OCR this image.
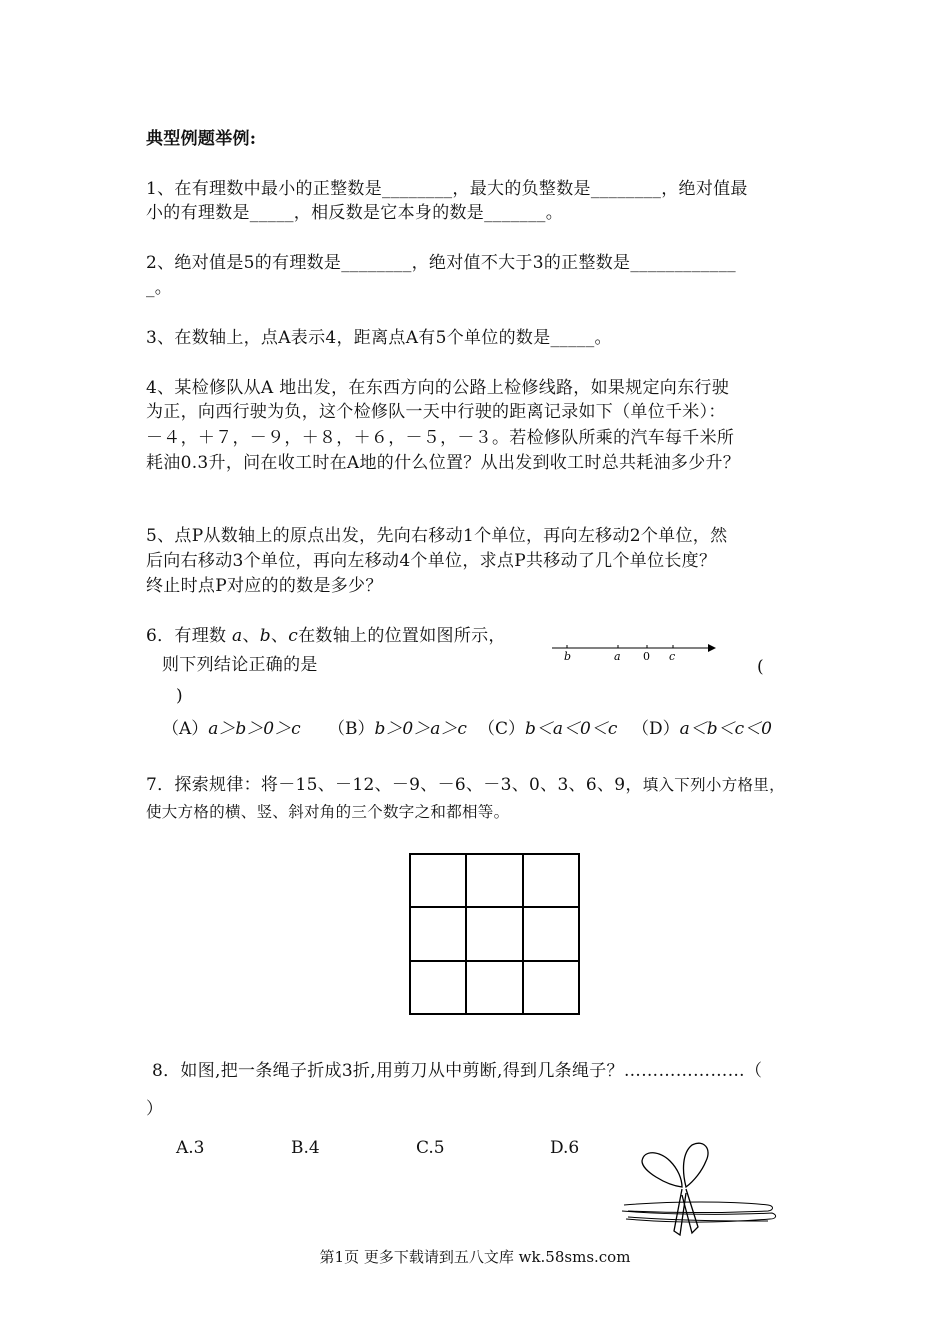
典型例题举例:
1、在有理数中最小的正整数是________，最大的负整数是________，绝对值最
小的有理数是_____，相反数是它本身的数是_______。
2、绝对值是5的有理数是________，绝对值不大于3的正整数是____________
_。
3、在数轴上，点A表示4，距离点A有5个单位的数是_____。
4、某检修队从A 地出发，在东西方向的公路上检修线路，如果规定向东行驶
为正，向西行驶为负，这个检修队一天中行驶的距离记录如下（单位千米）：
－４，＋７，－９，＋８，＋６，－５，－３。若检修队所乘的汽车每千米所
耗油0.3升，问在收工时在A地的什么位置？从出发到收工时总共耗油多少升？
5、点P从数轴上的原点出发，先向右移动1个单位，再向左移动2个单位，然
后向右移动3个单位，再向左移动4个单位，求点P共移动了几个单位长度？
终止时点P对应的的数是多少？
6．有理数 a、b、c在数轴上的位置如图所示，
则下列结论正确的是	(
)
b	a 0 c
（A）a＞b＞0＞c （B）b＞0＞a＞c （C）b＜a＜0＜c （D）a＜b＜c＜0
7．探索规律：将－15、－12、－9、－6、－3、0、3、6、9，填入下列小方格里，
使大方格的横、竖、斜对角的三个数字之和都相等。
8．如图,把一条绳子折成3折,用剪刀从中剪断,得到几条绳子？…………………（
）
A.3	B.4	C.5	D.6
第1页 更多下载请到五八文库 wk.58sms.com
